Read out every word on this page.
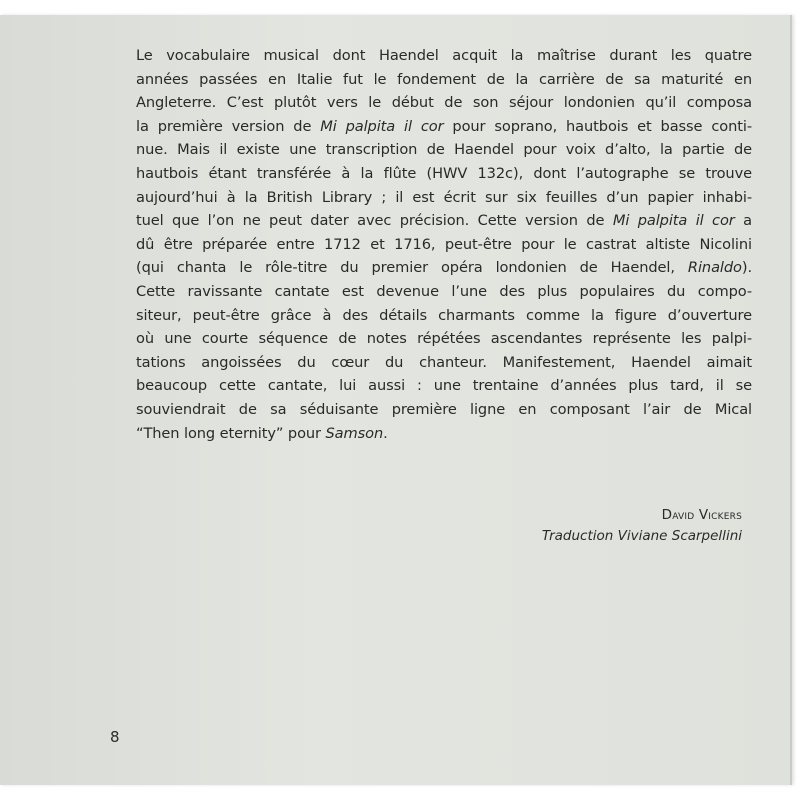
Le vocabulaire musical dont Haendel acquit la maîtrise durant les quatre
années passées en Italie fut le fondement de la carrière de sa maturité en
Angleterre. C’est plutôt vers le début de son séjour londonien qu’il composa
la première version de Mi palpita il cor pour soprano, hautbois et basse conti-
nue. Mais il existe une transcription de Haendel pour voix d’alto, la partie de
hautbois étant transférée à la flûte (HWV 132c), dont l’autographe se trouve
aujourd’hui à la British Library ; il est écrit sur six feuilles d’un papier inhabi-
tuel que l’on ne peut dater avec précision. Cette version de Mi palpita il cor a
dû être préparée entre 1712 et 1716, peut-être pour le castrat altiste Nicolini
(qui chanta le rôle-titre du premier opéra londonien de Haendel, Rinaldo).
Cette ravissante cantate est devenue l’une des plus populaires du compo-
siteur, peut-être grâce à des détails charmants comme la figure d’ouverture
où une courte séquence de notes répétées ascendantes représente les palpi-
tations angoissées du cœur du chanteur. Manifestement, Haendel aimait
beaucoup cette cantate, lui aussi : une trentaine d’années plus tard, il se
souviendrait de sa séduisante première ligne en composant l’air de Mical
“Then long eternity” pour Samson.
David Vickers
Traduction Viviane Scarpellini
8
